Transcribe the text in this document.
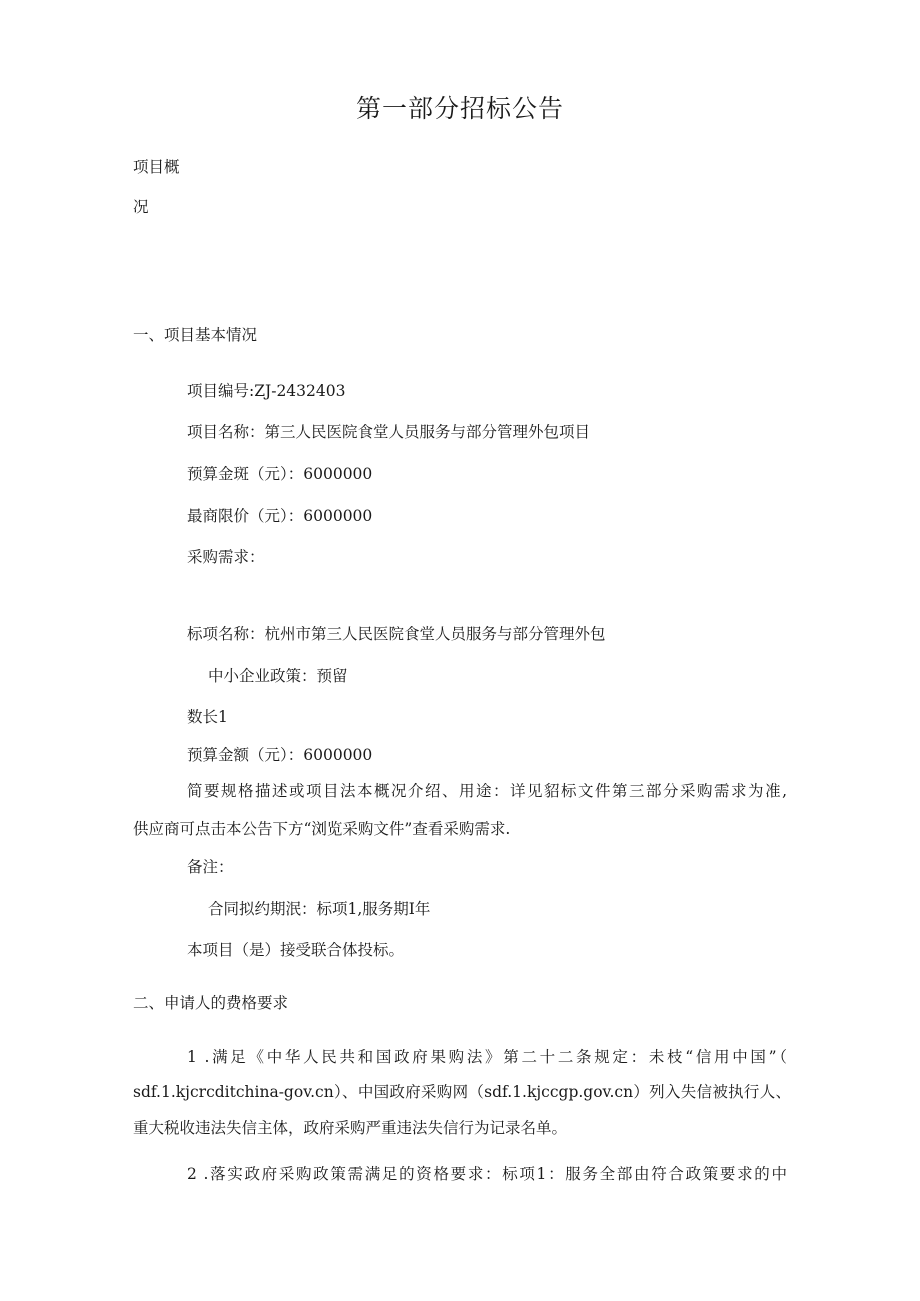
第一部分招标公告
项目概
况
一、项目基本情况
项目编号:ZJ-2432403
项目名称：第三人民医院食堂人员服务与部分管理外包项目
预算金斑（元）：6000000
最商限价（元）：6000000
采购需求：
标项名称：杭州市第三人民医院食堂人员服务与部分管理外包
中小企业政策：预留
数长1
预算金额（元）：6000000
简要规格描述或项目法本概况介绍、用途：详见貂标文件第三部分采购需求为准,
供应商可点击本公告下方“浏览采购文件”查看采购需求.
备注：
合同拟约期泯：标项1,服务期I年
本项目（是）接受联合体投标。
二、申请人的费格要求
1 .满足《中华人民共和国政府果购法》第二十二条规定：未枝“信用中国”（
sdf.1.kjcrcditchina-gov.cn）、中国政府采购网（sdf.1.kjccgp.gov.cn）列入失信被执行人、
重大税收违法失信主体，政府采购严重违法失信行为记录名单。
2 .落实政府采购政策需满足的资格要求：标项1：服务全部由符合政策要求的中
